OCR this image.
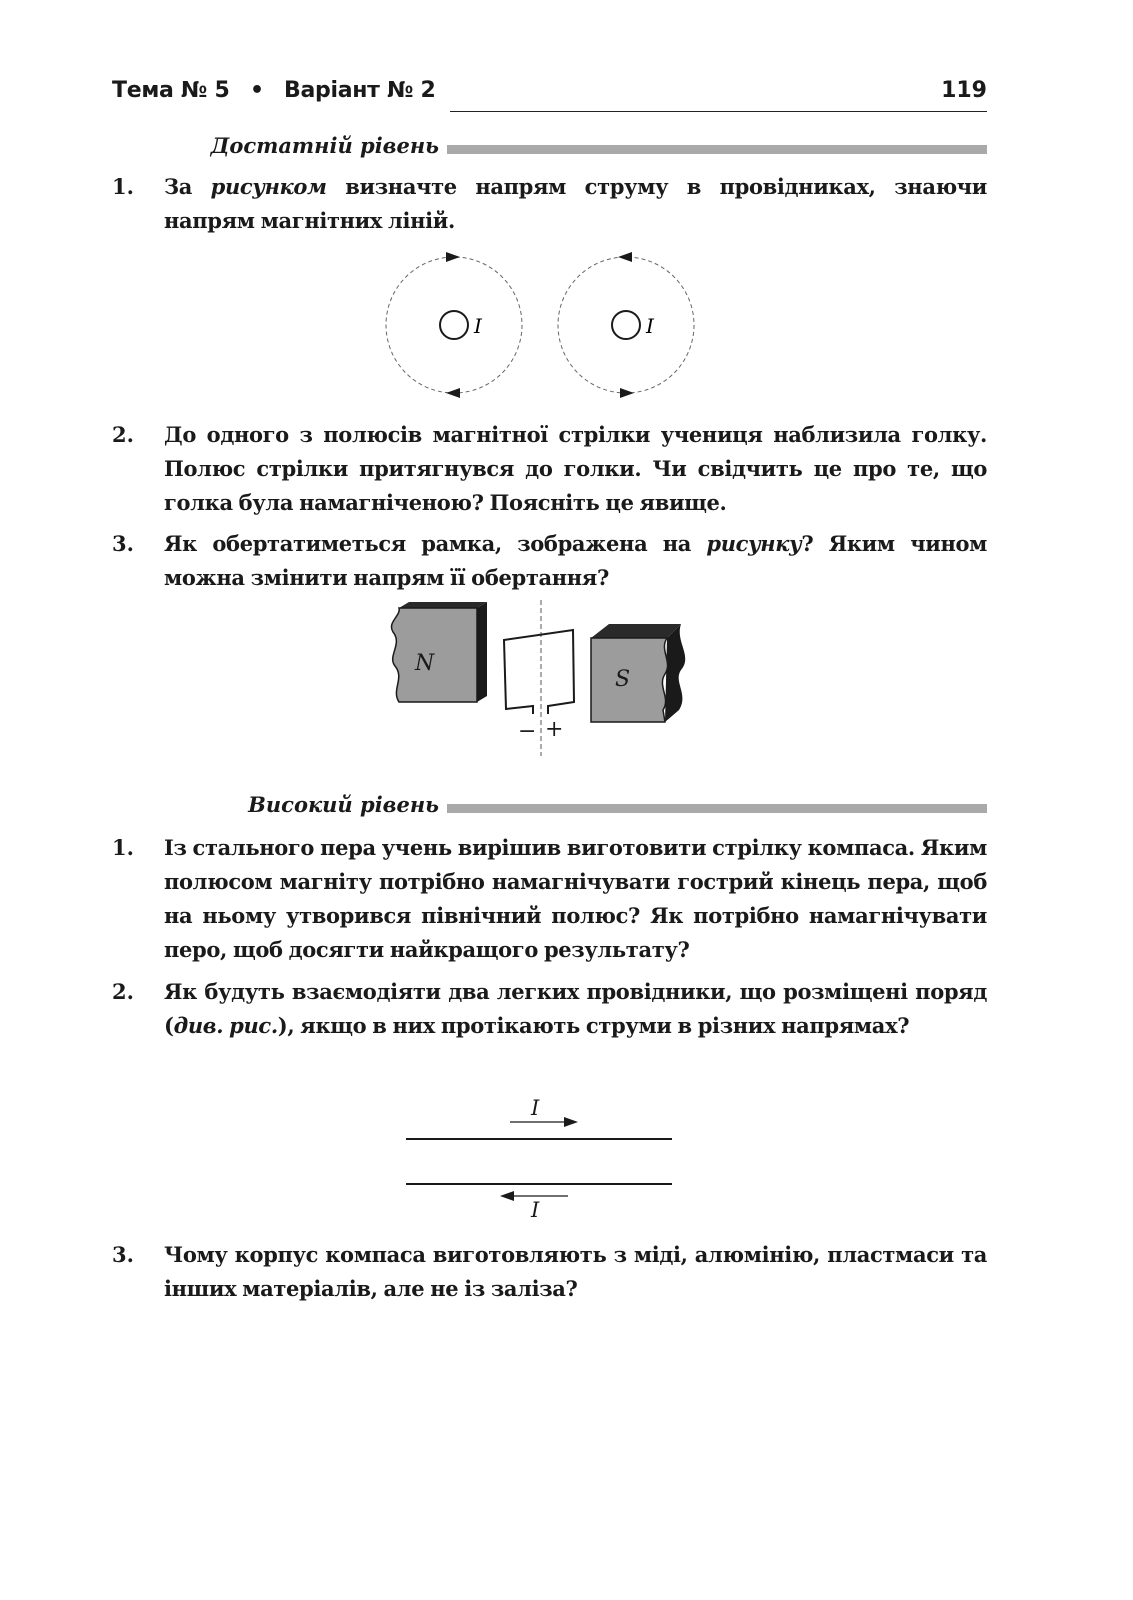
Тема № 5 • Варіант № 2	119
Достатній рівень
1.	За рисунком визначте напрям струму в провідниках, знаючи напрям магнітних ліній.
I	I
2.	До одного з полюсів магнітної стрілки учениця наблизила голку. Полюс стрілки притягнувся до голки. Чи свідчить це про те, що голка була намагніченою? Поясніть це явище.
3.	Як обертатиметься рамка, зображена на рисунку? Яким чином можна змінити напрям її обертання?
N
− +
S
Високий рівень
1.	Із стального пера учень вирішив виготовити стрілку компаса. Яким полюсом магніту потрібно намагнічувати гострий кінець пера, щоб на ньому утворився північний полюс? Як потрібно намагнічувати перо, щоб досягти найкращого результату?
2.	Як будуть взаємодіяти два легких провідники, що розміщені поряд (див. рис.), якщо в них протікають струми в різних напрямах?
I
I
3.	Чому корпус компаса виготовляють з міді, алюмінію, пластмаси та інших матеріалів, але не із заліза?
